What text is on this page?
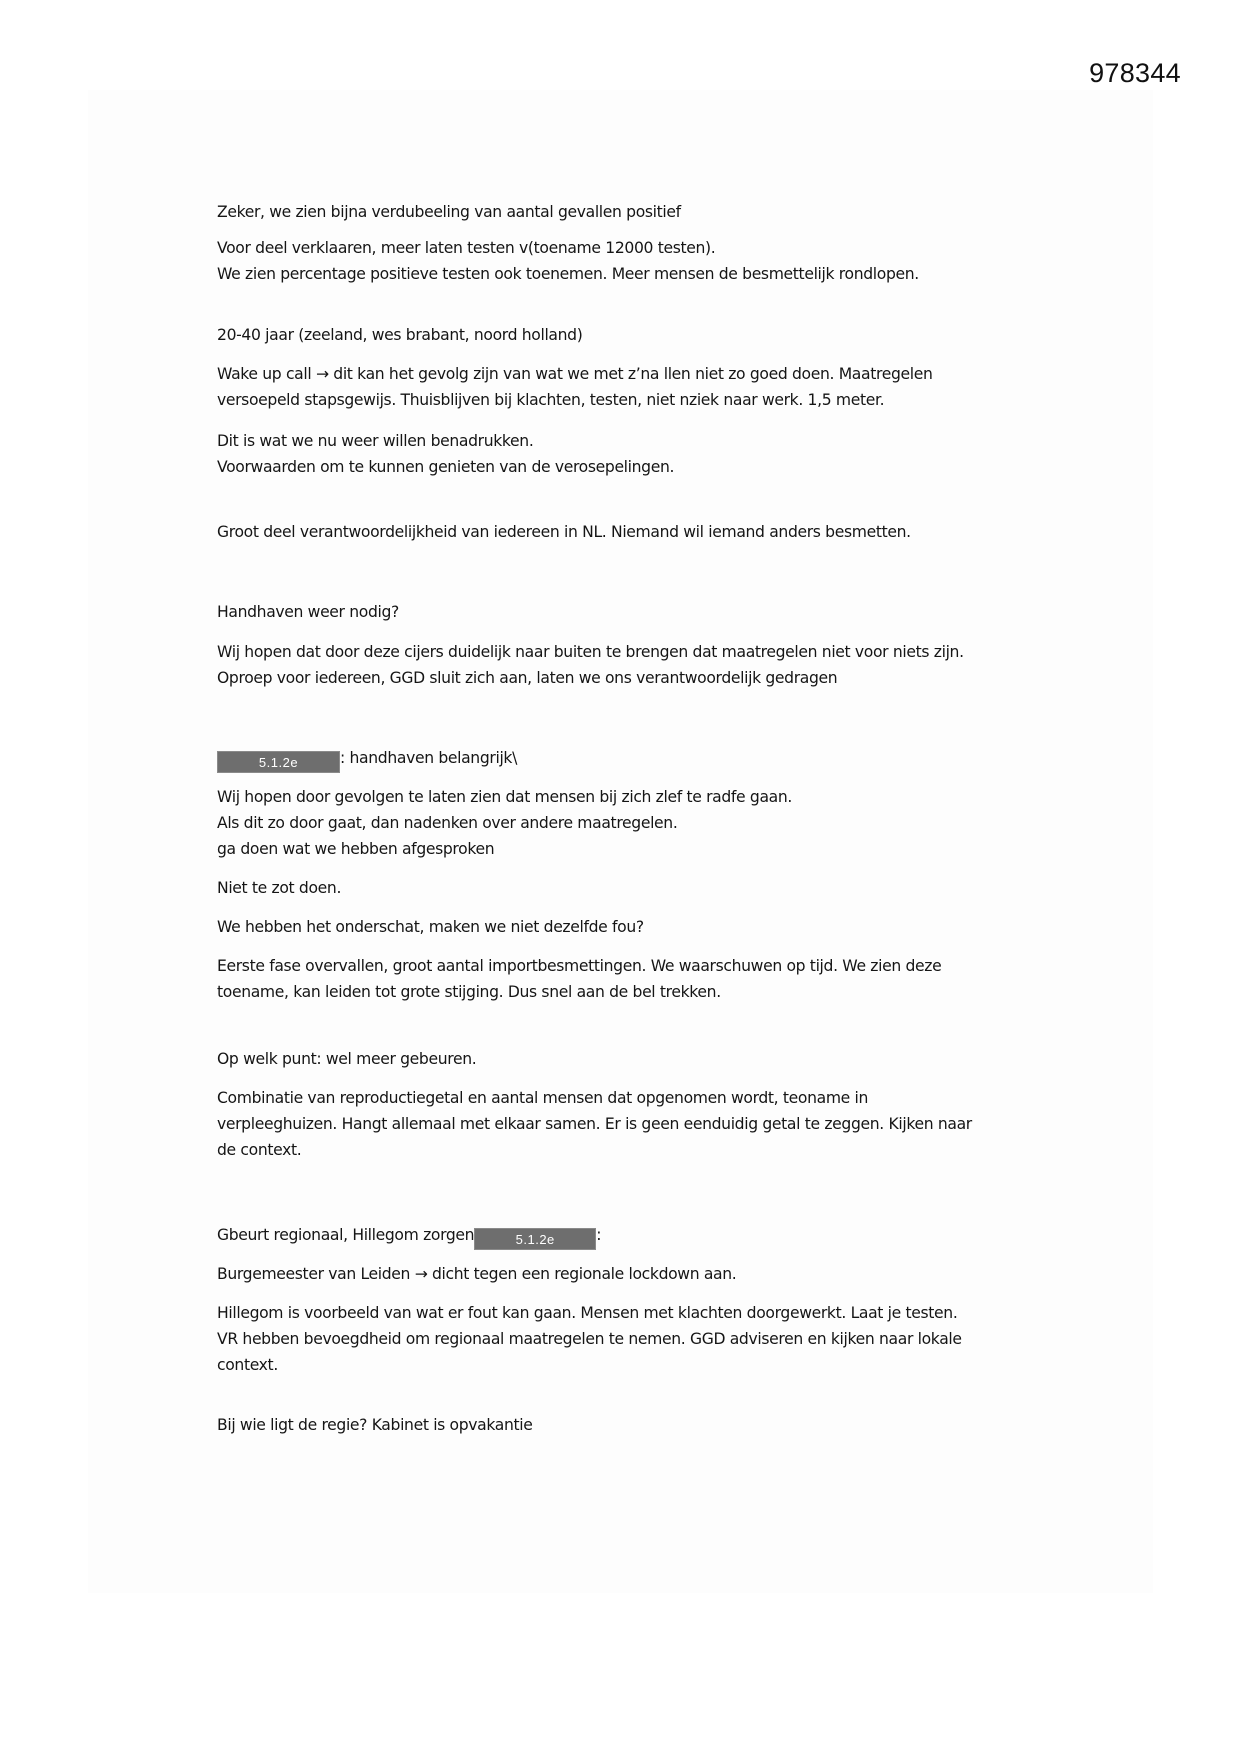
978344

Zeker, we zien bijna verdubeeling van aantal gevallen positief

Voor deel verklaaren, meer laten testen v(toename 12000 testen).
We zien percentage positieve testen ook toenemen. Meer mensen de besmettelijk rondlopen.

20-40 jaar (zeeland, wes brabant, noord holland)

Wake up call → dit kan het gevolg zijn van wat we met z’na llen niet zo goed doen. Maatregelen
versoepeld stapsgewijs. Thuisblijven bij klachten, testen, niet nziek naar werk. 1,5 meter.

Dit is wat we nu weer willen benadrukken.
Voorwaarden om te kunnen genieten van de verosepelingen.

Groot deel verantwoordelijkheid van iedereen in NL. Niemand wil iemand anders besmetten.

Handhaven weer nodig?

Wij hopen dat door deze cijers duidelijk naar buiten te brengen dat maatregelen niet voor niets zijn.
Oproep voor iedereen, GGD sluit zich aan, laten we ons verantwoordelijk gedragen

5.1.2e	: handhaven belangrijk\

Wij hopen door gevolgen te laten zien dat mensen bij zich zlef te radfe gaan.
Als dit zo door gaat, dan nadenken over andere maatregelen.
ga doen wat we hebben afgesproken

Niet te zot doen.

We hebben het onderschat, maken we niet dezelfde fou?

Eerste fase overvallen, groot aantal importbesmettingen. We waarschuwen op tijd. We zien deze
toename, kan leiden tot grote stijging. Dus snel aan de bel trekken.

Op welk punt: wel meer gebeuren.

Combinatie van reproductiegetal en aantal mensen dat opgenomen wordt, teoname in
verpleeghuizen. Hangt allemaal met elkaar samen. Er is geen eenduidig getal te zeggen. Kijken naar
de context.

Gbeurt regionaal, Hillegom zorgen	5.1.2e	:

Burgemeester van Leiden → dicht tegen een regionale lockdown aan.

Hillegom is voorbeeld van wat er fout kan gaan. Mensen met klachten doorgewerkt. Laat je testen.
VR hebben bevoegdheid om regionaal maatregelen te nemen. GGD adviseren en kijken naar lokale
context.

Bij wie ligt de regie? Kabinet is opvakantie
